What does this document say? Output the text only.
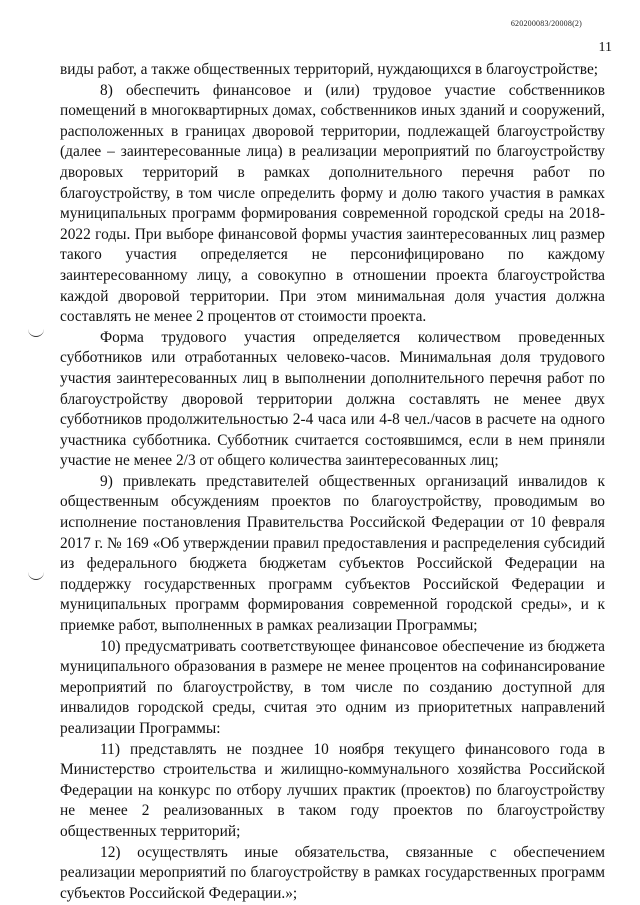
620200083/20008(2)
11

виды работ, а также общественных территорий, нуждающихся в благоустройстве;

8) обеспечить финансовое и (или) трудовое участие собственников помещений в многоквартирных домах, собственников иных зданий и сооружений, расположенных в границах дворовой территории, подлежащей благоустройству (далее – заинтересованные лица) в реализации мероприятий по благоустройству дворовых территорий в рамках дополнительного перечня работ по благоустройству, в том числе определить форму и долю такого участия в рамках муниципальных программ формирования современной городской среды на 2018-2022 годы. При выборе финансовой формы участия заинтересованных лиц размер такого участия определяется не персонифицировано по каждому заинтересованному лицу, а совокупно в отношении проекта благоустройства каждой дворовой территории. При этом минимальная доля участия должна составлять не менее 2 процентов от стоимости проекта.

Форма трудового участия определяется количеством проведенных субботников или отработанных человеко-часов. Минимальная доля трудового участия заинтересованных лиц в выполнении дополнительного перечня работ по благоустройству дворовой территории должна составлять не менее двух субботников продолжительностью 2-4 часа или 4-8 чел./часов в расчете на одного участника субботника. Субботник считается состоявшимся, если в нем приняли участие не менее 2/3 от общего количества заинтересованных лиц;

9) привлекать представителей общественных организаций инвалидов к общественным обсуждениям проектов по благоустройству, проводимым во исполнение постановления Правительства Российской Федерации от 10 февраля 2017 г. № 169 «Об утверждении правил предоставления и распределения субсидий из федерального бюджета бюджетам субъектов Российской Федерации на поддержку государственных программ субъектов Российской Федерации и муниципальных программ формирования современной городской среды», и к приемке работ, выполненных в рамках реализации Программы;

10) предусматривать соответствующее финансовое обеспечение из бюджета муниципального образования в размере не менее процентов на софинансирование мероприятий по благоустройству, в том числе по созданию доступной для инвалидов городской среды, считая это одним из приоритетных направлений реализации Программы:

11) представлять не позднее 10 ноября текущего финансового года в Министерство строительства и жилищно-коммунального хозяйства Российской Федерации на конкурс по отбору лучших практик (проектов) по благоустройству не менее 2 реализованных в таком году проектов по благоустройству общественных территорий;

12) осуществлять иные обязательства, связанные с обеспечением реализации мероприятий по благоустройству в рамках государственных программ субъектов Российской Федерации.»;
